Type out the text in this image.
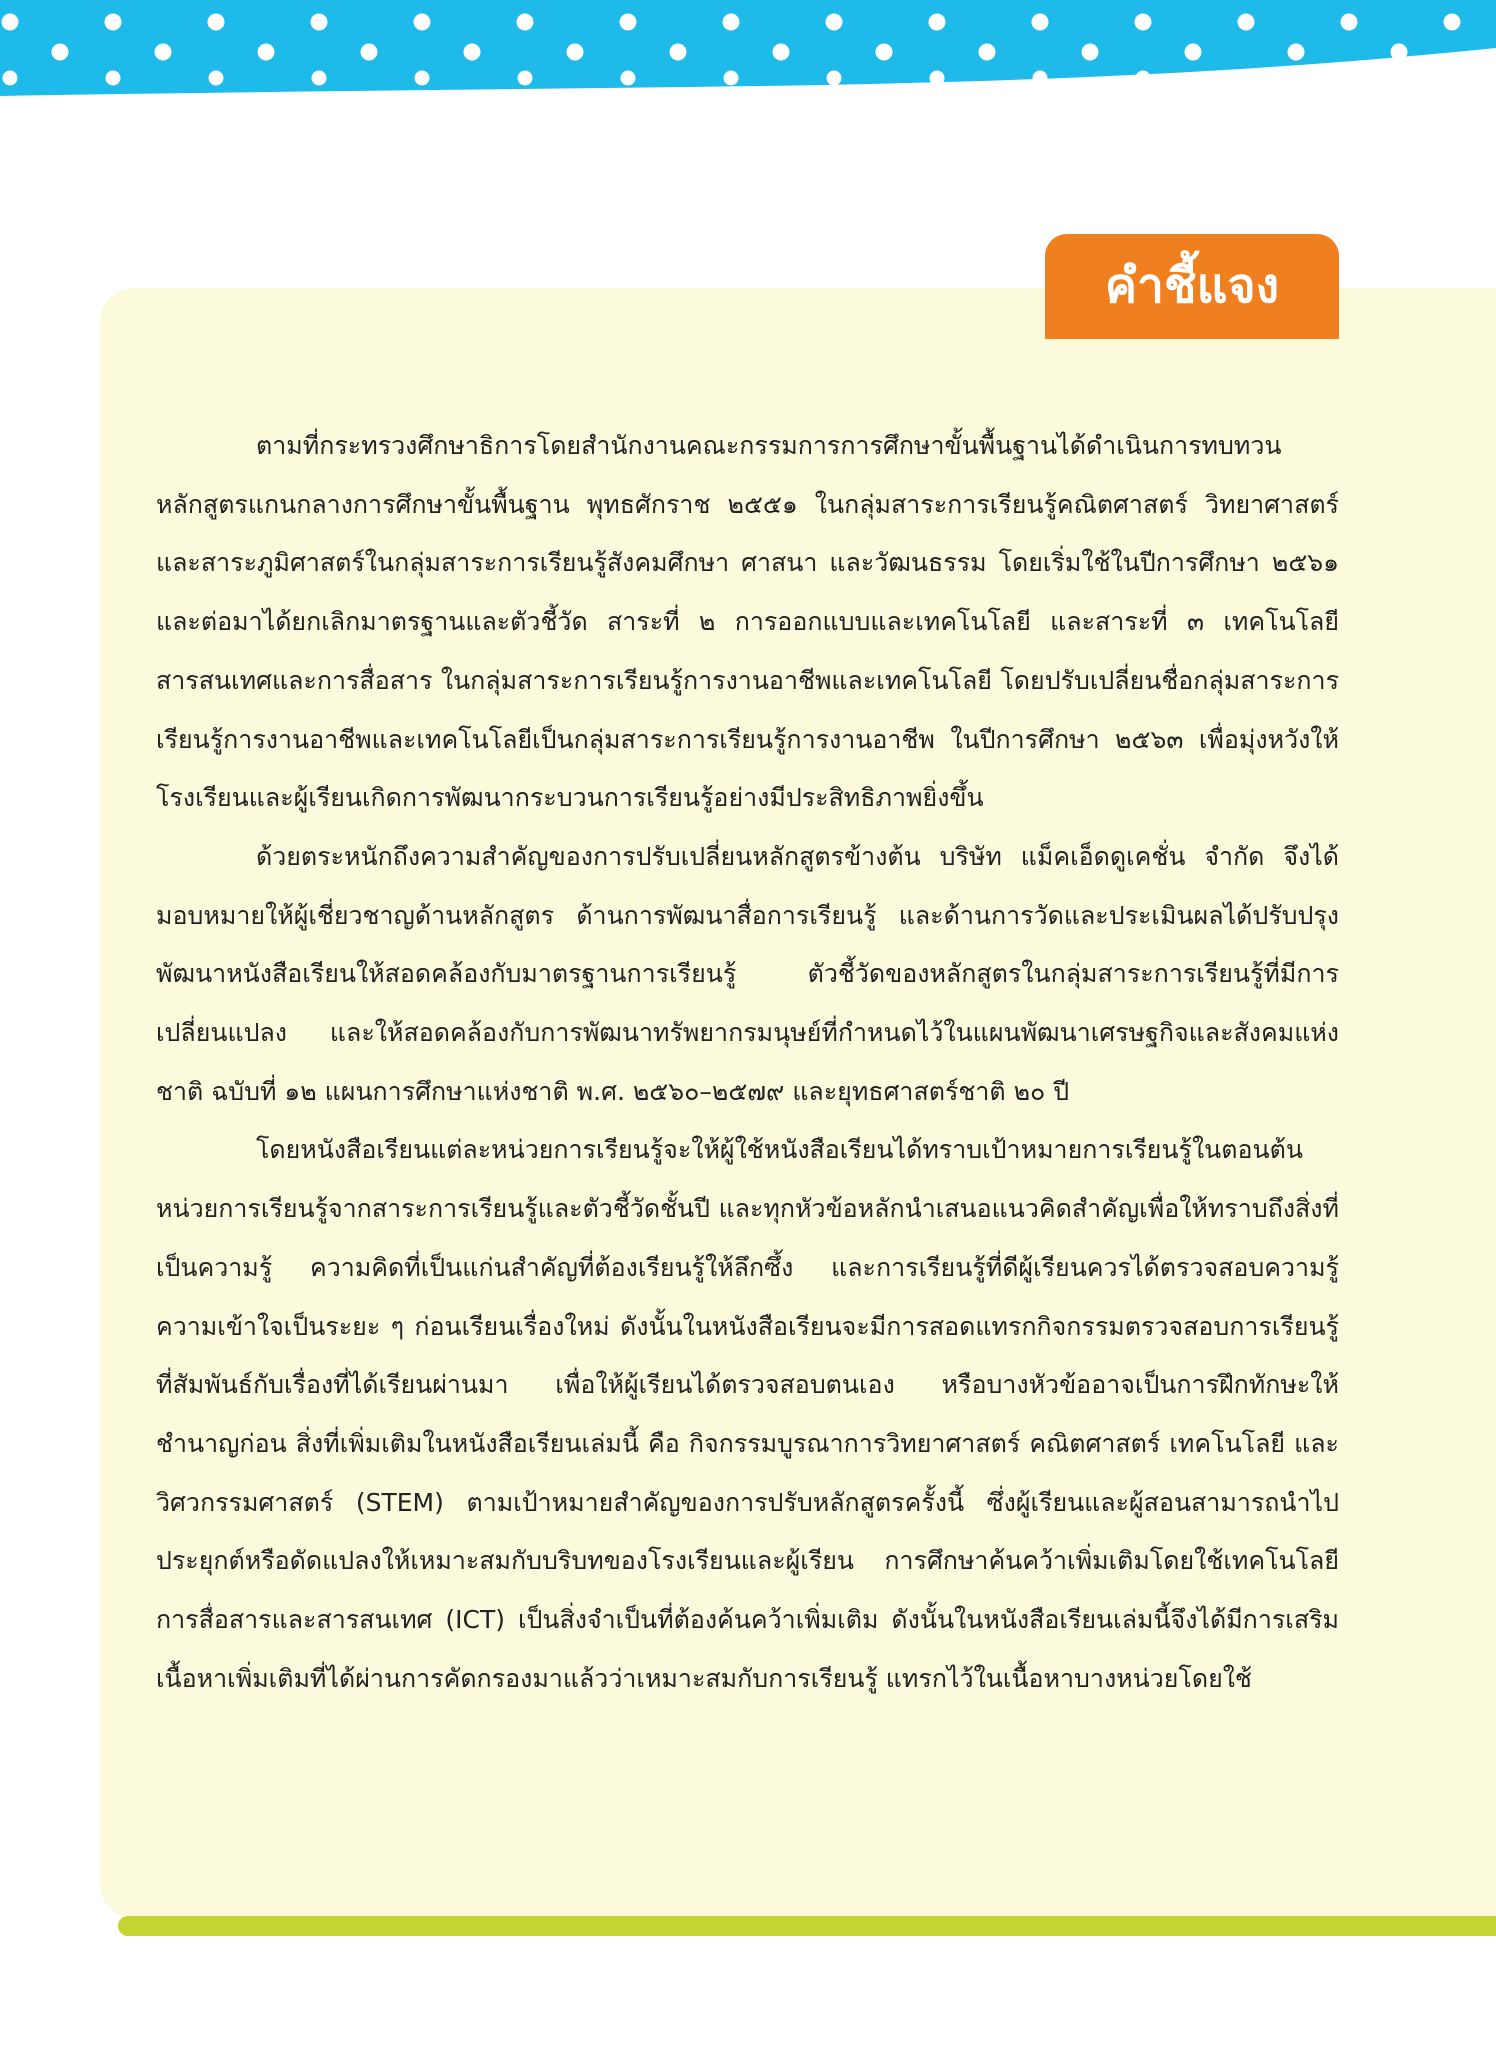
คำชี้แจง

ตามที่กระทรวงศึกษาธิการโดยสำนักงานคณะกรรมการการศึกษาขั้นพื้นฐานได้ดำเนินการทบทวนหลักสูตรแกนกลางการศึกษาขั้นพื้นฐาน พุทธศักราช ๒๕๕๑ ในกลุ่มสาระการเรียนรู้คณิตศาสตร์ วิทยาศาสตร์ และสาระภูมิศาสตร์ในกลุ่มสาระการเรียนรู้สังคมศึกษา ศาสนา และวัฒนธรรม โดยเริ่มใช้ในปีการศึกษา ๒๕๖๑ และต่อมาได้ยกเลิกมาตรฐานและตัวชี้วัด สาระที่ ๒ การออกแบบและเทคโนโลยี และสาระที่ ๓ เทคโนโลยีสารสนเทศและการสื่อสาร ในกลุ่มสาระการเรียนรู้การงานอาชีพและเทคโนโลยี โดยปรับเปลี่ยนชื่อกลุ่มสาระการเรียนรู้การงานอาชีพและเทคโนโลยีเป็นกลุ่มสาระการเรียนรู้การงานอาชีพ ในปีการศึกษา ๒๕๖๓ เพื่อมุ่งหวังให้โรงเรียนและผู้เรียนเกิดการพัฒนากระบวนการเรียนรู้อย่างมีประสิทธิภาพยิ่งขึ้น

ด้วยตระหนักถึงความสำคัญของการปรับเปลี่ยนหลักสูตรข้างต้น บริษัท แม็คเอ็ดดูเคชั่น จำกัด จึงได้มอบหมายให้ผู้เชี่ยวชาญด้านหลักสูตร ด้านการพัฒนาสื่อการเรียนรู้ และด้านการวัดและประเมินผลได้ปรับปรุงพัฒนาหนังสือเรียนให้สอดคล้องกับมาตรฐานการเรียนรู้ ตัวชี้วัดของหลักสูตรในกลุ่มสาระการเรียนรู้ที่มีการเปลี่ยนแปลง และให้สอดคล้องกับการพัฒนาทรัพยากรมนุษย์ที่กำหนดไว้ในแผนพัฒนาเศรษฐกิจและสังคมแห่งชาติ ฉบับที่ ๑๒ แผนการศึกษาแห่งชาติ พ.ศ. ๒๕๖๐–๒๕๗๙ และยุทธศาสตร์ชาติ ๒๐ ปี

โดยหนังสือเรียนแต่ละหน่วยการเรียนรู้จะให้ผู้ใช้หนังสือเรียนได้ทราบเป้าหมายการเรียนรู้ในตอนต้นหน่วยการเรียนรู้จากสาระการเรียนรู้และตัวชี้วัดชั้นปี และทุกหัวข้อหลักนำเสนอแนวคิดสำคัญเพื่อให้ทราบถึงสิ่งที่เป็นความรู้ ความคิดที่เป็นแก่นสำคัญที่ต้องเรียนรู้ให้ลึกซึ้ง และการเรียนรู้ที่ดีผู้เรียนควรได้ตรวจสอบความรู้ความเข้าใจเป็นระยะ ๆ ก่อนเรียนเรื่องใหม่ ดังนั้นในหนังสือเรียนจะมีการสอดแทรกกิจกรรมตรวจสอบการเรียนรู้ที่สัมพันธ์กับเรื่องที่ได้เรียนผ่านมา เพื่อให้ผู้เรียนได้ตรวจสอบตนเอง หรือบางหัวข้ออาจเป็นการฝึกทักษะให้ชำนาญก่อน สิ่งที่เพิ่มเติมในหนังสือเรียนเล่มนี้ คือ กิจกรรมบูรณาการวิทยาศาสตร์ คณิตศาสตร์ เทคโนโลยี และวิศวกรรมศาสตร์ (STEM) ตามเป้าหมายสำคัญของการปรับหลักสูตรครั้งนี้ ซึ่งผู้เรียนและผู้สอนสามารถนำไปประยุกต์หรือดัดแปลงให้เหมาะสมกับบริบทของโรงเรียนและผู้เรียน การศึกษาค้นคว้าเพิ่มเติมโดยใช้เทคโนโลยีการสื่อสารและสารสนเทศ (ICT) เป็นสิ่งจำเป็นที่ต้องค้นคว้าเพิ่มเติม ดังนั้นในหนังสือเรียนเล่มนี้จึงได้มีการเสริมเนื้อหาเพิ่มเติมที่ได้ผ่านการคัดกรองมาแล้วว่าเหมาะสมกับการเรียนรู้ แทรกไว้ในเนื้อหาบางหน่วยโดยใช้
